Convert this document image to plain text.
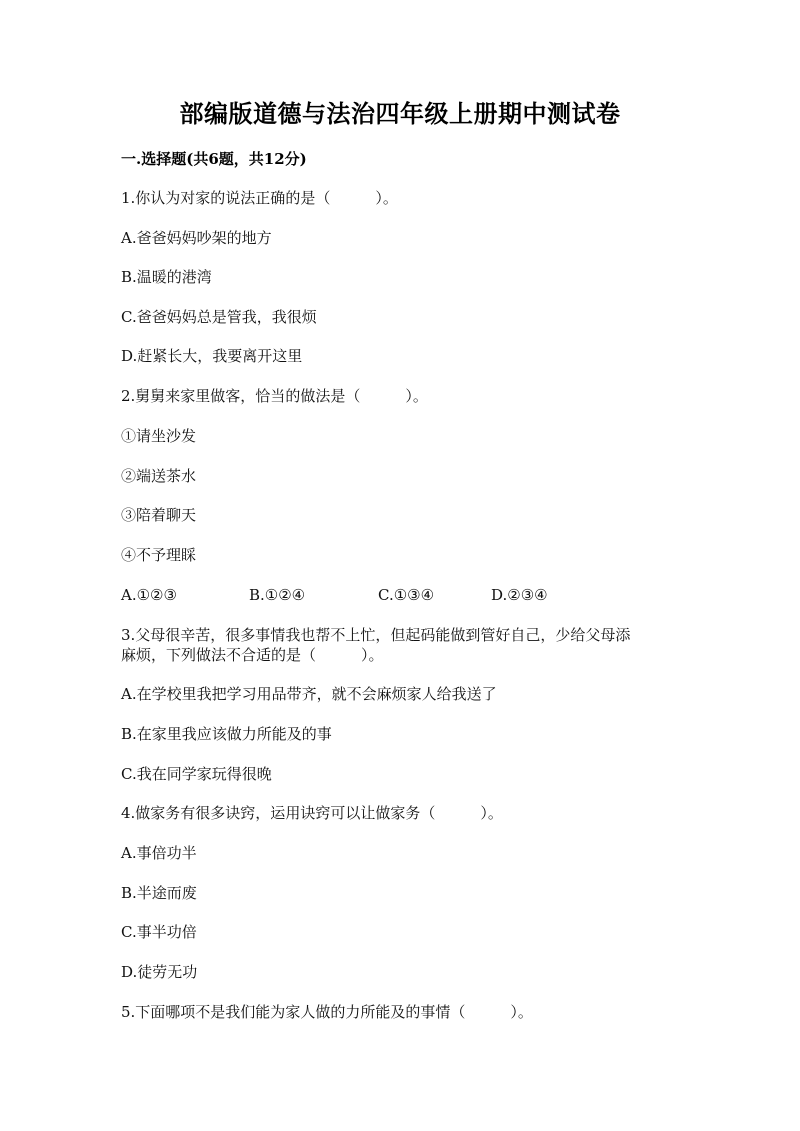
部编版道德与法治四年级上册期中测试卷
一.选择题(共6题，共12分)
1.你认为对家的说法正确的是（　　　）。
A.爸爸妈妈吵架的地方
B.温暖的港湾
C.爸爸妈妈总是管我，我很烦
D.赶紧长大，我要离开这里
2.舅舅来家里做客，恰当的做法是（　　　）。
①请坐沙发
②端送茶水
③陪着聊天
④不予理睬
A.①②③	B.①②④	C.①③④	D.②③④
3.父母很辛苦，很多事情我也帮不上忙，但起码能做到管好自己，少给父母添
麻烦，下列做法不合适的是（　　　）。
A.在学校里我把学习用品带齐，就不会麻烦家人给我送了
B.在家里我应该做力所能及的事
C.我在同学家玩得很晚
4.做家务有很多诀窍，运用诀窍可以让做家务（　　　）。
A.事倍功半
B.半途而废
C.事半功倍
D.徒劳无功
5.下面哪项不是我们能为家人做的力所能及的事情（　　　）。
